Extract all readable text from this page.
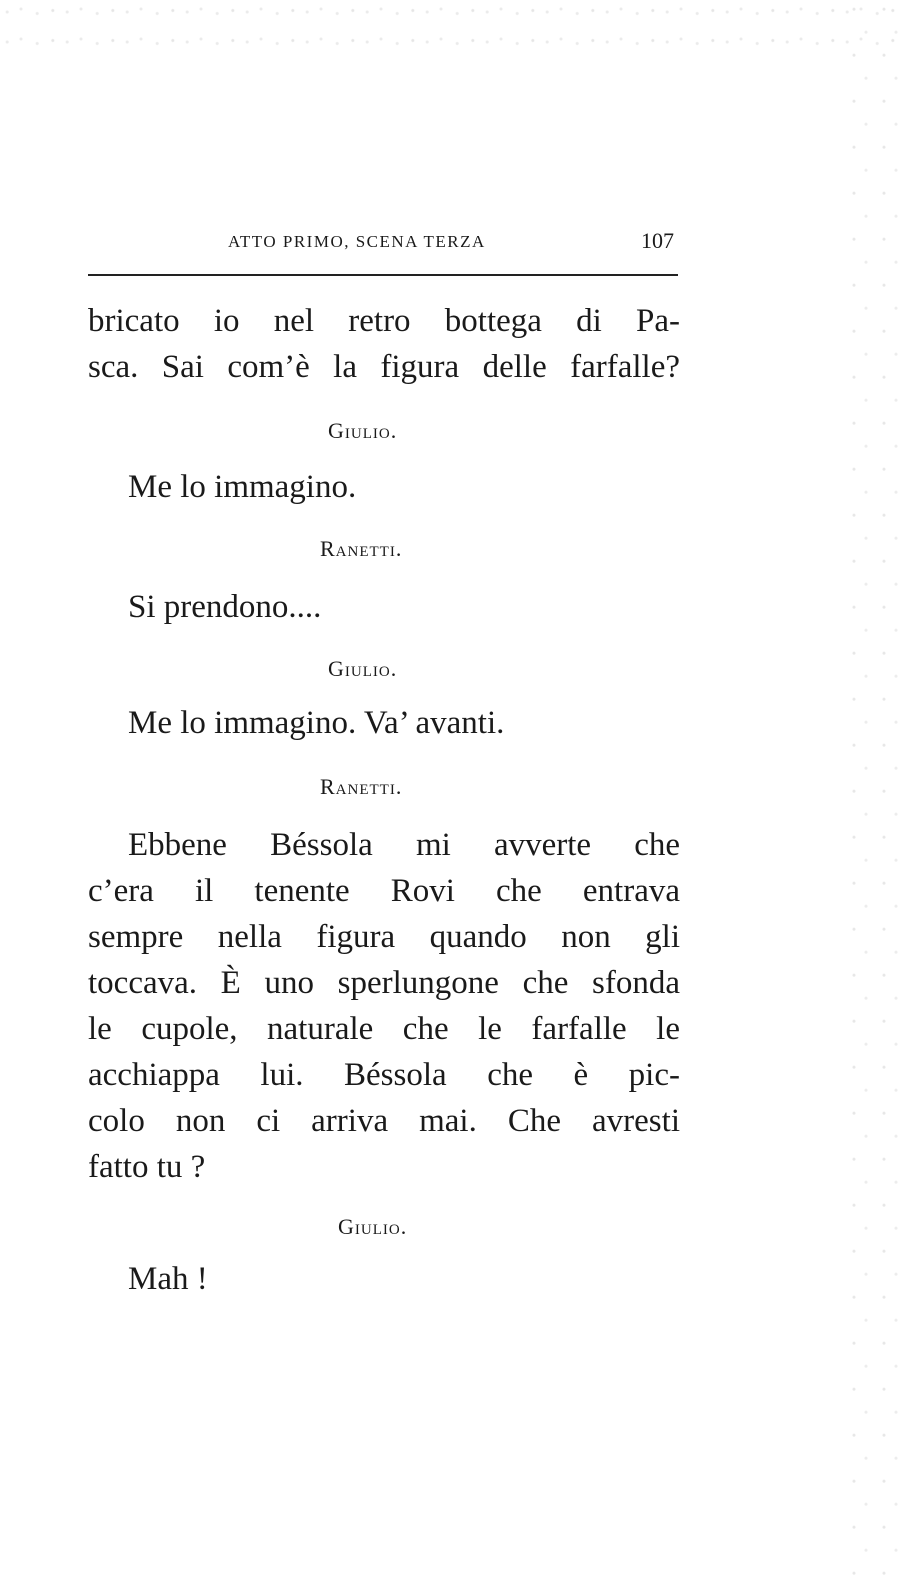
ATTO PRIMO, SCENA TERZA	107
bricato io nel retro bottega di Pa-
sca. Sai com’è la figura delle farfalle?
Giulio.
Me lo immagino.
Ranetti.
Si prendono....
Giulio.
Me lo immagino. Va’ avanti.
Ranetti.
Ebbene Béssola mi avverte che
c’era il tenente Rovi che entrava
sempre nella figura quando non gli
toccava. È uno sperlungone che sfonda
le cupole, naturale che le farfalle le
acchiappa lui. Béssola che è pic-
colo non ci arriva mai. Che avresti
fatto tu ?
Giulio.
Mah !
